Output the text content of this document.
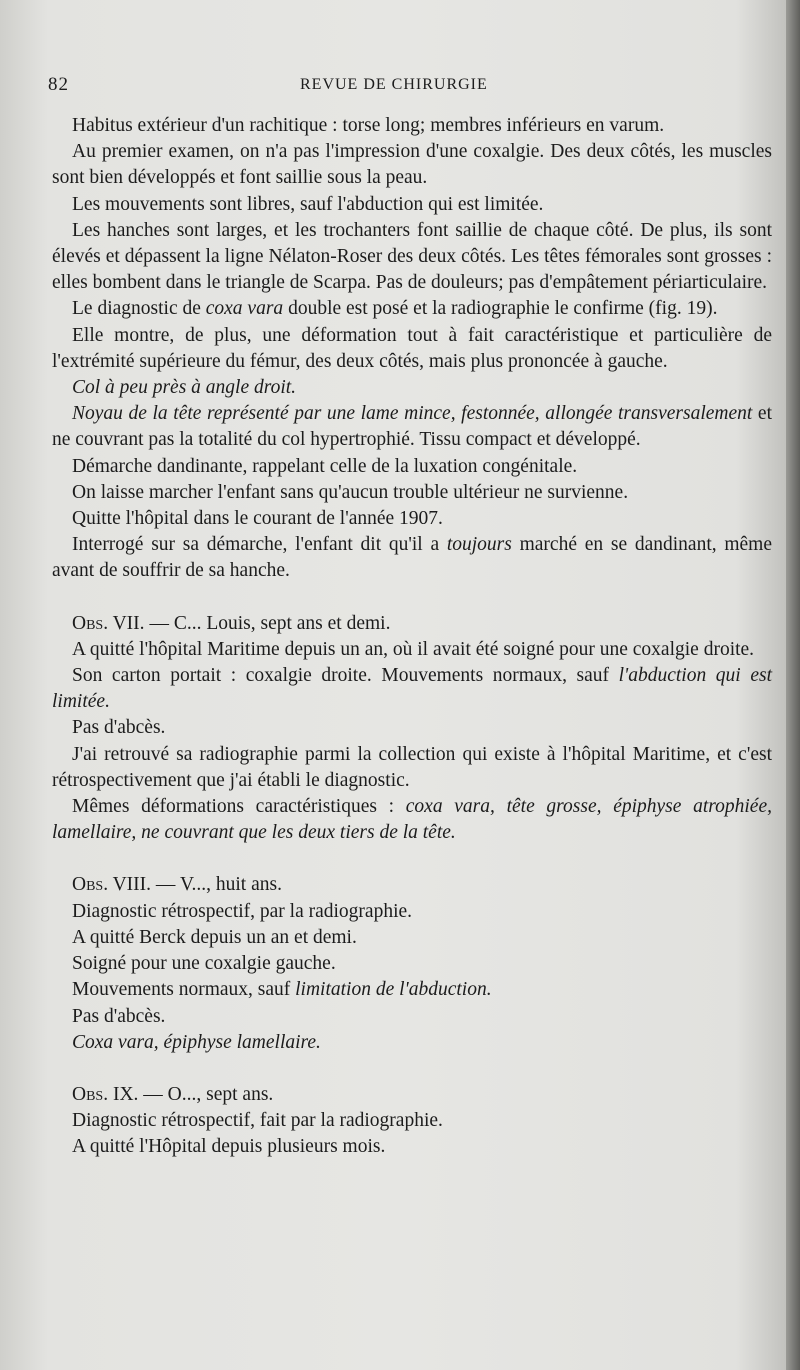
82	REVUE DE CHIRURGIE

Habitus extérieur d'un rachitique : torse long; membres inférieurs en varum.

Au premier examen, on n'a pas l'impression d'une coxalgie. Des deux côtés, les muscles sont bien développés et font saillie sous la peau.

Les mouvements sont libres, sauf l'abduction qui est limitée.

Les hanches sont larges, et les trochanters font saillie de chaque côté. De plus, ils sont élevés et dépassent la ligne Nélaton-Roser des deux côtés. Les têtes fémorales sont grosses : elles bombent dans le triangle de Scarpa. Pas de douleurs; pas d'empâtement périarticulaire.

Le diagnostic de coxa vara double est posé et la radiographie le confirme (fig. 19).

Elle montre, de plus, une déformation tout à fait caractéristique et particulière de l'extrémité supérieure du fémur, des deux côtés, mais plus prononcée à gauche.

Col à peu près à angle droit.

Noyau de la tête représenté par une lame mince, festonnée, allongée transversalement et ne couvrant pas la totalité du col hypertrophié. Tissu compact et développé.

Démarche dandinante, rappelant celle de la luxation congénitale.

On laisse marcher l'enfant sans qu'aucun trouble ultérieur ne survienne.

Quitte l'hôpital dans le courant de l'année 1907.

Interrogé sur sa démarche, l'enfant dit qu'il a toujours marché en se dandinant, même avant de souffrir de sa hanche.

Obs. VII. — C... Louis, sept ans et demi.

A quitté l'hôpital Maritime depuis un an, où il avait été soigné pour une coxalgie droite.

Son carton portait : coxalgie droite. Mouvements normaux, sauf l'abduction qui est limitée.

Pas d'abcès.

J'ai retrouvé sa radiographie parmi la collection qui existe à l'hôpital Maritime, et c'est rétrospectivement que j'ai établi le diagnostic.

Mêmes déformations caractéristiques : coxa vara, tête grosse, épiphyse atrophiée, lamellaire, ne couvrant que les deux tiers de la tête.

Obs. VIII. — V..., huit ans.

Diagnostic rétrospectif, par la radiographie.

A quitté Berck depuis un an et demi.

Soigné pour une coxalgie gauche.

Mouvements normaux, sauf limitation de l'abduction.

Pas d'abcès.

Coxa vara, épiphyse lamellaire.

Obs. IX. — O..., sept ans.

Diagnostic rétrospectif, fait par la radiographie.

A quitté l'Hôpital depuis plusieurs mois.
